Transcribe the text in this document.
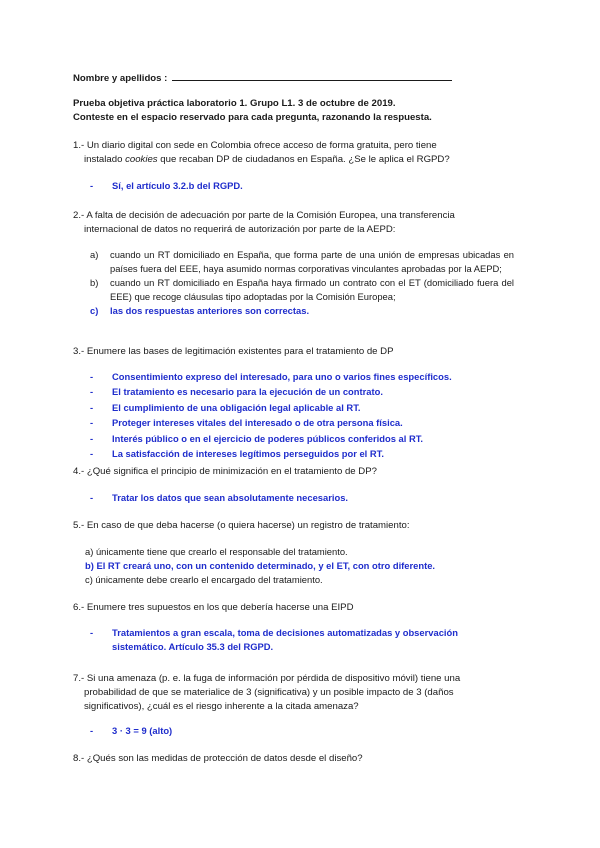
Nombre y apellidos :
Prueba objetiva práctica laboratorio 1. Grupo L1. 3 de octubre de 2019.
Conteste en el espacio reservado para cada pregunta, razonando la respuesta.

1.- Un diario digital con sede en Colombia ofrece acceso de forma gratuita, pero tiene

instalado cookies que recaban DP de ciudadanos en España. ¿Se le aplica el RGPD?

-	Sí, el artículo 3.2.b del RGPD.

2.- A falta de decisión de adecuación por parte de la Comisión Europea, una transferencia

internacional de datos no requerirá de autorización por parte de la AEPD:

a)	cuando un RT domiciliado en España, que forma parte de una unión de empresas ubicadas en países fuera del EEE, haya asumido normas corporativas vinculantes aprobadas por la AEPD;
b)	cuando un RT domiciliado en España haya firmado un contrato con el ET (domiciliado fuera del EEE) que recoge cláusulas tipo adoptadas por la Comisión Europea;
c)	las dos respuestas anteriores son correctas.

3.- Enumere las bases de legitimación existentes para el tratamiento de DP

-	Consentimiento expreso del interesado, para uno o varios fines específicos.
-	El tratamiento es necesario para la ejecución de un contrato.
-	El cumplimiento de una obligación legal aplicable al RT.
-	Proteger intereses vitales del interesado o de otra persona física.
-	Interés público o en el ejercicio de poderes públicos conferidos al RT.
-	La satisfacción de intereses legítimos perseguidos por el RT.

4.- ¿Qué significa el principio de minimización en el tratamiento de DP?

-	Tratar los datos que sean absolutamente necesarios.

5.- En caso de que deba hacerse (o quiera hacerse) un registro de tratamiento:

a) únicamente tiene que crearlo el responsable del tratamiento.
b) El RT creará uno, con un contenido determinado, y el ET, con otro diferente.
c) únicamente debe crearlo el encargado del tratamiento.

6.- Enumere tres supuestos en los que debería hacerse una EIPD

-	Tratamientos a gran escala, toma de decisiones automatizadas y observación
sistemático. Artículo 35.3 del RGPD.

7.- Si una amenaza (p. e. la fuga de información por pérdida de dispositivo móvil) tiene una

probabilidad de que se materialice de 3 (significativa) y un posible impacto de 3 (daños

significativos), ¿cuál es el riesgo inherente a la citada amenaza?

-	3 · 3 = 9 (alto)

8.- ¿Qués son las medidas de protección de datos desde el diseño?
